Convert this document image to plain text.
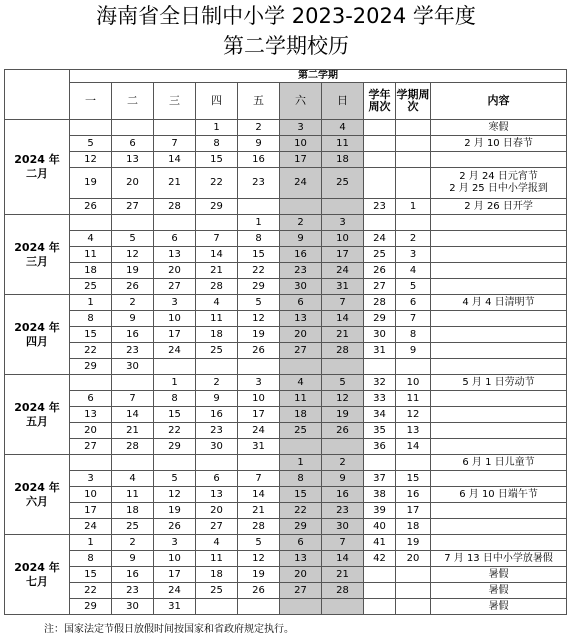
海南省全日制中小学 2023-2024 学年度
第二学期校历
	第二学期									
	一	二	三	四	五	六	日	学年周次	学期周次	内容
2024 年
二月				1	2	3	4			寒假
	5	6	7	8	9	10	11			2 月 10 日春节
	12	13	14	15	16	17	18			
	19	20	21	22	23	24	25			2 月 24 日元宵节
2 月 25 日中小学报到
	26	27	28	29				23	1	2 月 26 日开学
2024 年
三月					1	2	3			
	4	5	6	7	8	9	10	24	2	
	11	12	13	14	15	16	17	25	3	
	18	19	20	21	22	23	24	26	4	
	25	26	27	28	29	30	31	27	5	
2024 年
四月	1	2	3	4	5	6	7	28	6	4 月 4 日清明节
	8	9	10	11	12	13	14	29	7	
	15	16	17	18	19	20	21	30	8	
	22	23	24	25	26	27	28	31	9	
	29	30								
2024 年
五月			1	2	3	4	5	32	10	5 月 1 日劳动节
	6	7	8	9	10	11	12	33	11	
	13	14	15	16	17	18	19	34	12	
	20	21	22	23	24	25	26	35	13	
	27	28	29	30	31			36	14	
2024 年
六月						1	2			6 月 1 日儿童节
	3	4	5	6	7	8	9	37	15	
	10	11	12	13	14	15	16	38	16	6 月 10 日端午节
	17	18	19	20	21	22	23	39	17	
	24	25	26	27	28	29	30	40	18	
2024 年
七月	1	2	3	4	5	6	7	41	19	
	8	9	10	11	12	13	14	42	20	7 月 13 日中小学放暑假
	15	16	17	18	19	20	21			暑假
	22	23	24	25	26	27	28			暑假
	29	30	31							暑假
注：国家法定节假日放假时间按国家和省政府规定执行。
